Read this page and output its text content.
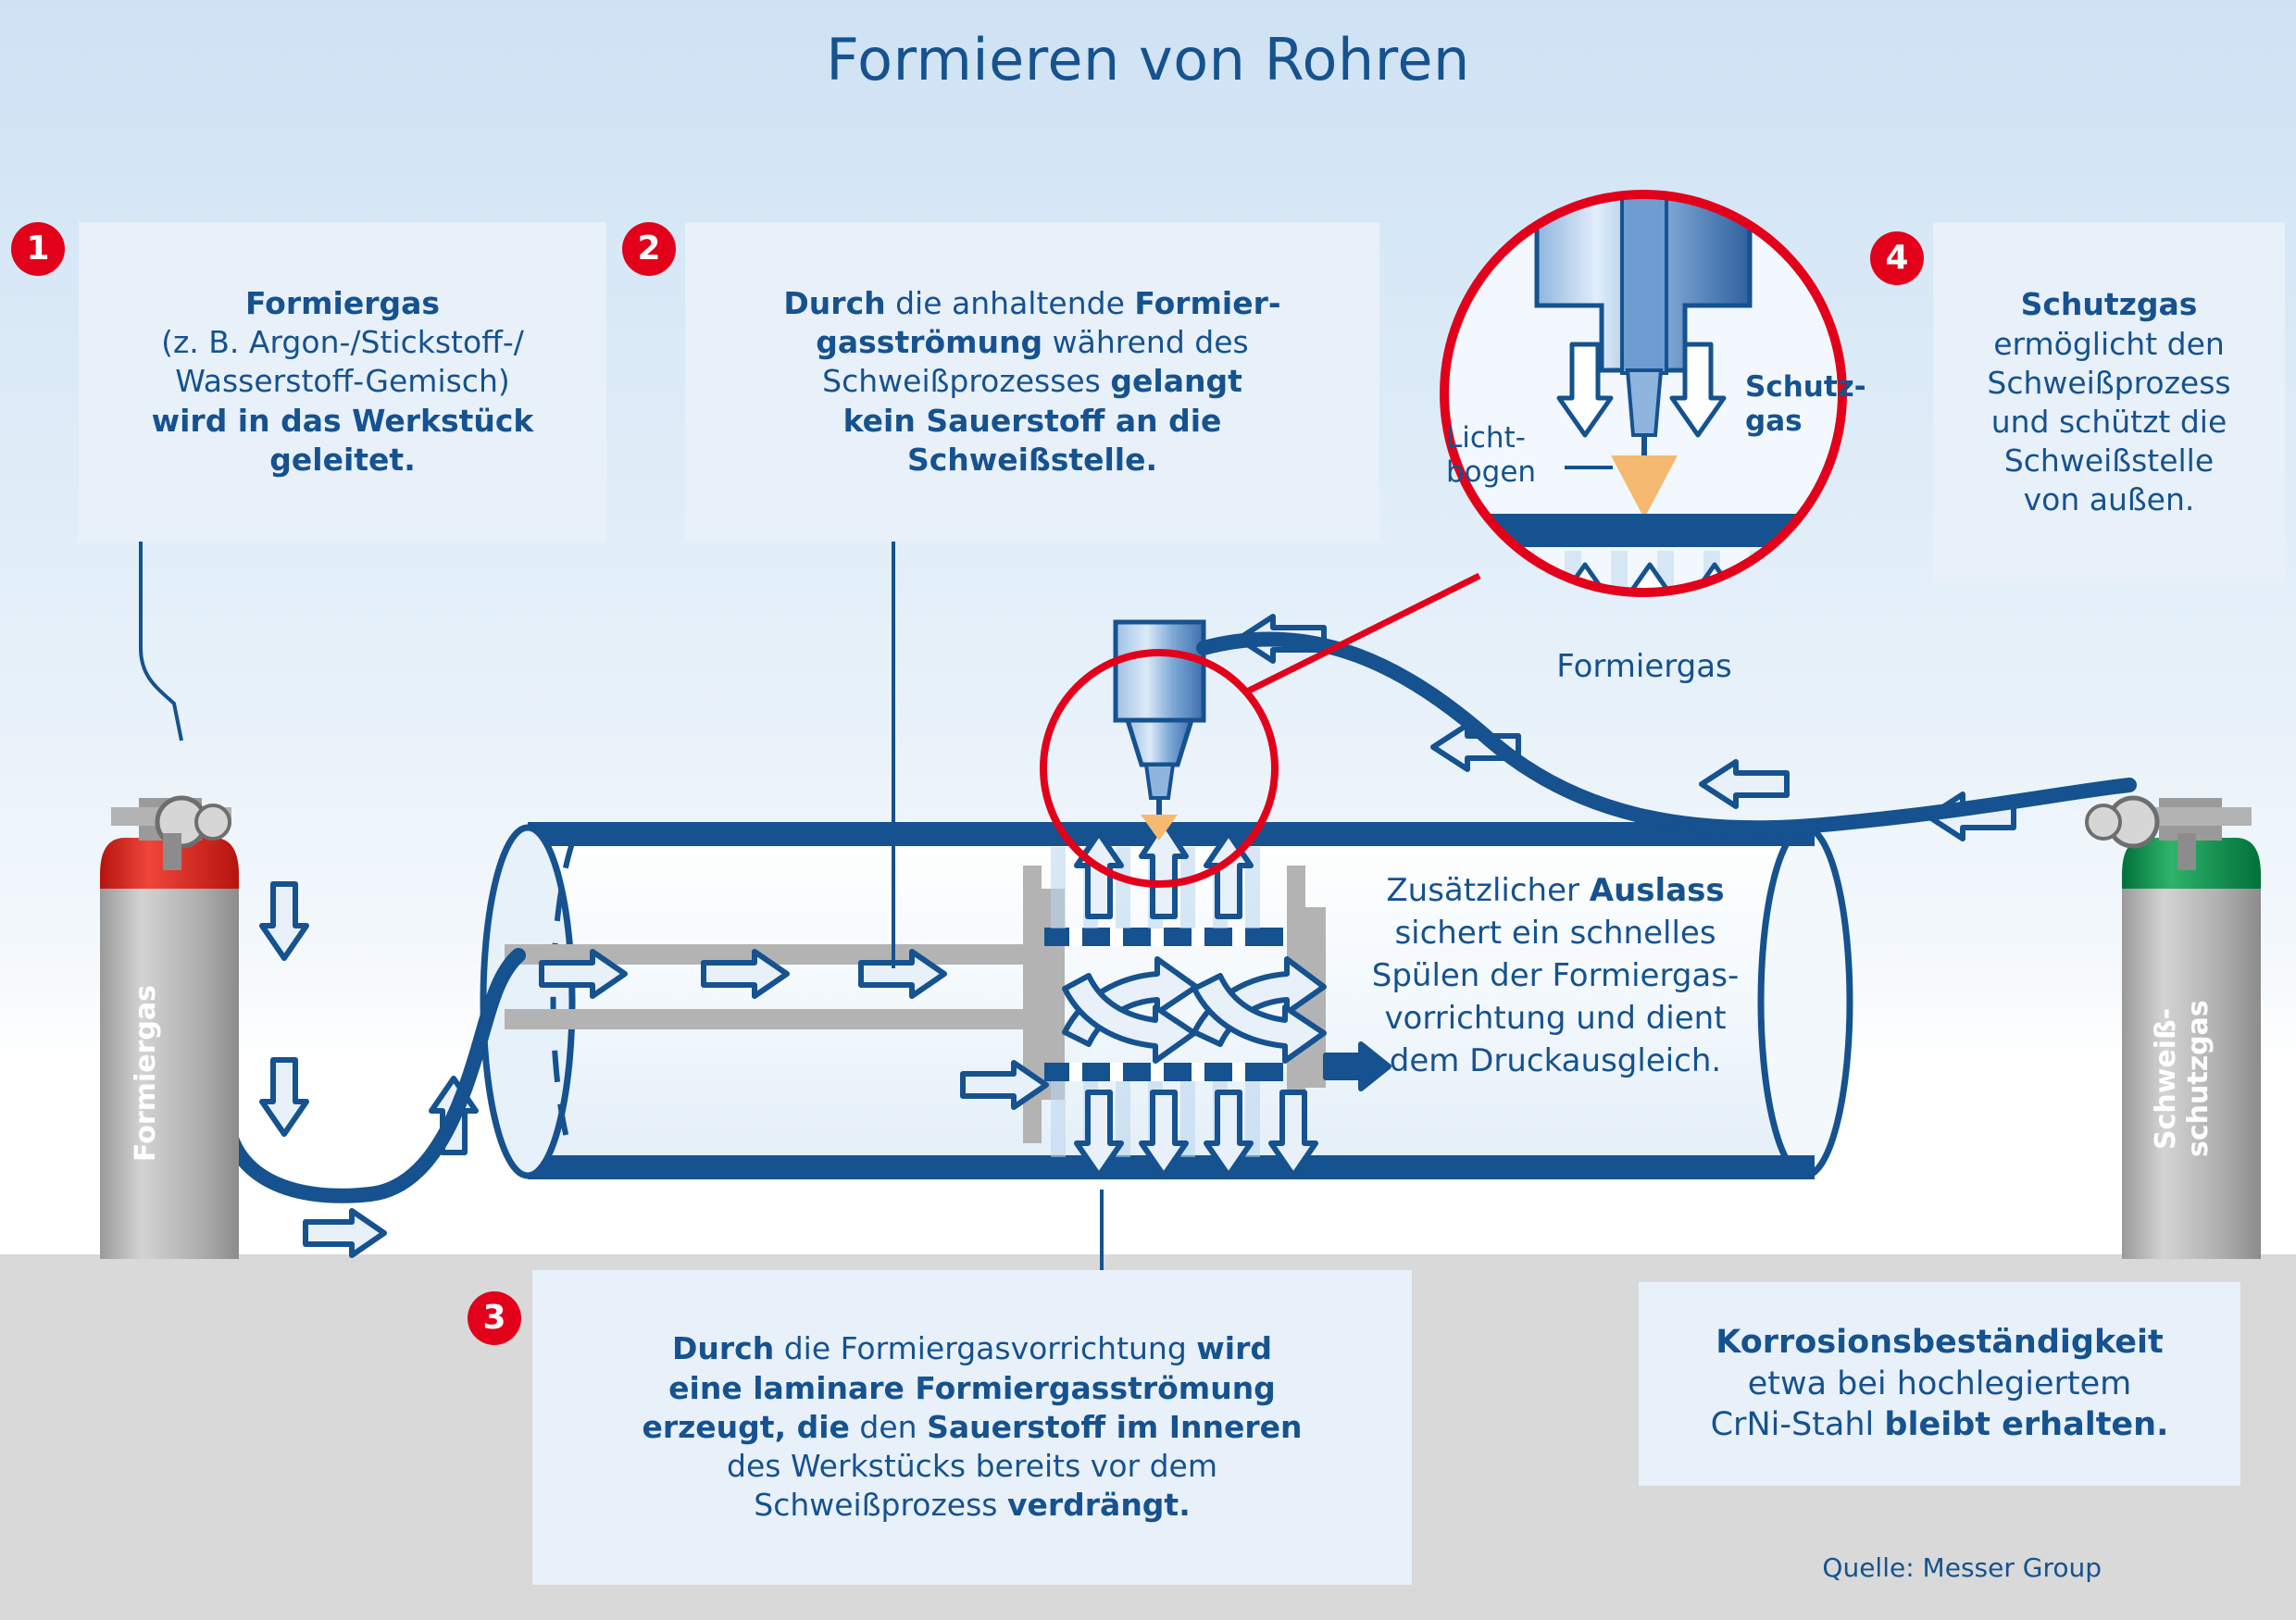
Formieren von Rohren
1
Formiergas
(z. B. Argon-/Stickstoff-/
Wasserstoff-Gemisch)
wird in das Werkstück
geleitet.
2
Durch die anhaltende Formier-
gasströmung während des
Schweißprozesses gelangt
kein Sauerstoff an die
Schweißstelle.
4
Schutzgas
ermöglicht den
Schweißprozess
und schützt die
Schweißstelle
von außen.
3
Durch die Formiergasvorrichtung wird
eine laminare Formiergasströmung
erzeugt, die den Sauerstoff im Inneren
des Werkstücks bereits vor dem
Schweißprozess verdrängt.
Korrosionsbeständigkeit
etwa bei hochlegiertem
CrNi-Stahl bleibt erhalten.
Zusätzlicher Auslass
sichert ein schnelles
Spülen der Formiergas-
vorrichtung und dient
dem Druckausgleich.
Schutz-
gas
Licht-
bogen
Formiergas
Formiergas	Schweiß-
schutzgas
Quelle: Messer Group
